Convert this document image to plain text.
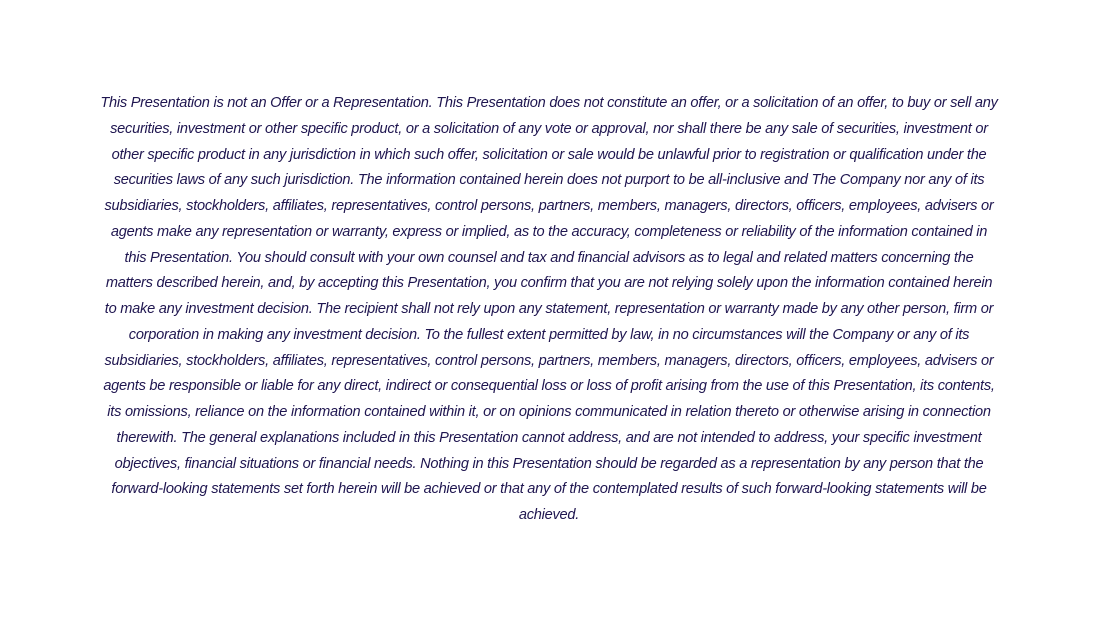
This Presentation is not an Offer or a Representation. This Presentation does not constitute an offer, or a solicitation of an offer, to buy or sell any securities, investment or other specific product, or a solicitation of any vote or approval, nor shall there be any sale of securities, investment or other specific product in any jurisdiction in which such offer, solicitation or sale would be unlawful prior to registration or qualification under the securities laws of any such jurisdiction. The information contained herein does not purport to be all-inclusive and The Company nor any of its subsidiaries, stockholders, affiliates, representatives, control persons, partners, members, managers, directors, officers, employees, advisers or agents make any representation or warranty, express or implied, as to the accuracy, completeness or reliability of the information contained in this Presentation. You should consult with your own counsel and tax and financial advisors as to legal and related matters concerning the matters described herein, and, by accepting this Presentation, you confirm that you are not relying solely upon the information contained herein to make any investment decision. The recipient shall not rely upon any statement, representation or warranty made by any other person, firm or corporation in making any investment decision. To the fullest extent permitted by law, in no circumstances will the Company or any of its subsidiaries, stockholders, affiliates, representatives, control persons, partners, members, managers, directors, officers, employees, advisers or agents be responsible or liable for any direct, indirect or consequential loss or loss of profit arising from the use of this Presentation, its contents, its omissions, reliance on the information contained within it, or on opinions communicated in relation thereto or otherwise arising in connection therewith. The general explanations included in this Presentation cannot address, and are not intended to address, your specific investment objectives, financial situations or financial needs. Nothing in this Presentation should be regarded as a representation by any person that the forward-looking statements set forth herein will be achieved or that any of the contemplated results of such forward-looking statements will be achieved.
